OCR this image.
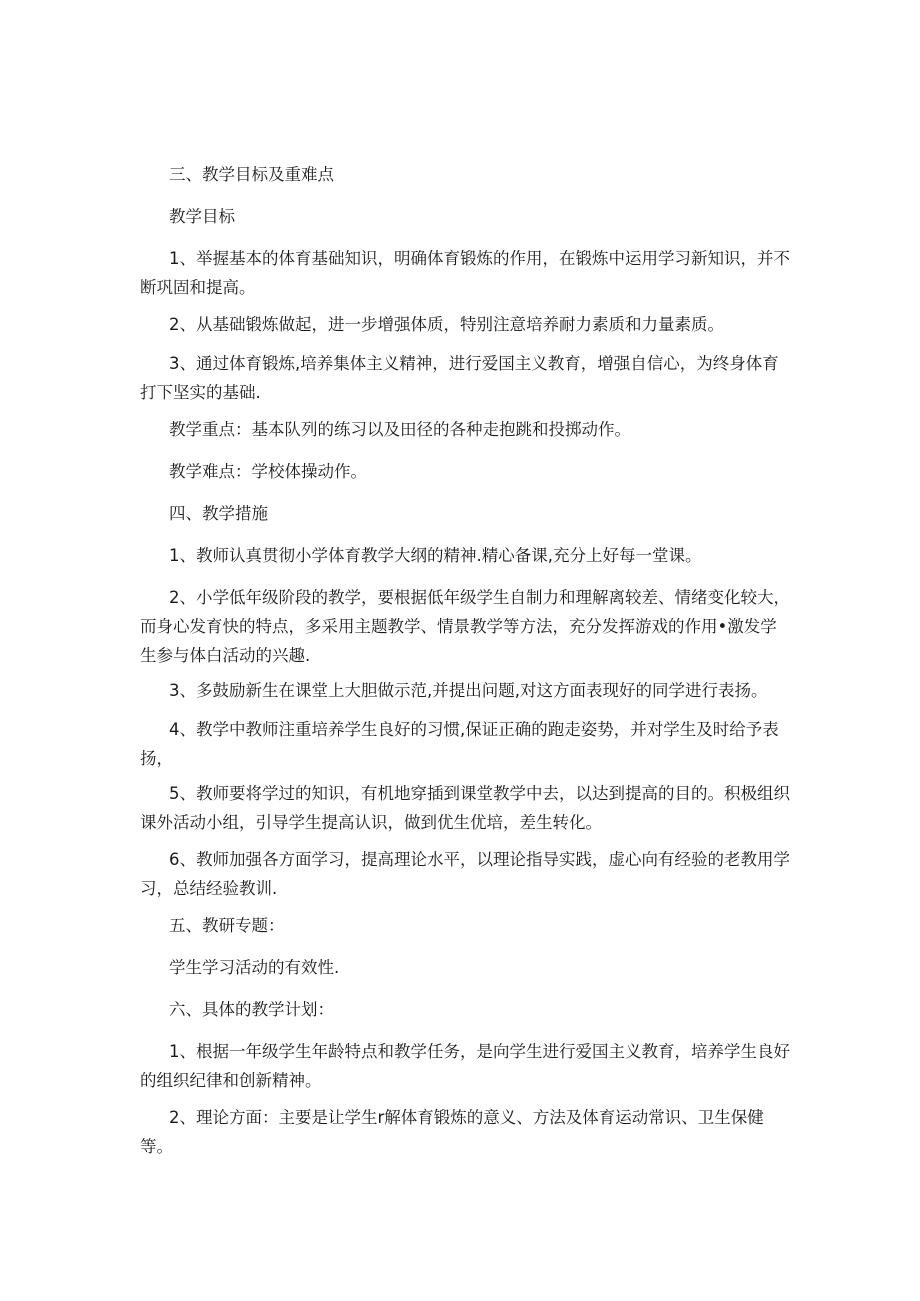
三、教学目标及重难点

教学目标

1、举握基本的体育基础知识，明确体育锻炼的作用，在锻炼中运用学习新知识，并不断巩固和提高。

2、从基础锻炼做起，进一步增强体质，特别注意培养耐力素质和力量素质。

3、通过体育锻炼,培养集体主义精神，进行爱国主义教育，增强自信心，为终身体育打下坚实的基础.

教学重点：基本队列的练习以及田径的各种走抱跳和投掷动作。

教学难点：学校体操动作。

四、教学措施

1、教师认真贯彻小学体育教学大纲的精神.精心备课,充分上好每一堂课。

2、小学低年级阶段的教学，要根据低年级学生自制力和理解离较差、情绪变化较大，而身心发育快的特点，多采用主题教学、情景教学等方法，充分发挥游戏的作用•激发学生参与体白活动的兴趣.

3、多鼓励新生在课堂上大胆做示范,并提出问题,对这方面表现好的同学进行表扬。

4、教学中教师注重培养学生良好的习惯,保证正确的跑走姿势，并对学生及时给予表扬，

5、教师要将学过的知识，有机地穿插到课堂教学中去，以达到提高的目的。积极组织课外活动小组，引导学生提高认识，做到优生优培，差生转化。

6、教师加强各方面学习，提高理论水平，以理论指导实践，虚心向有经验的老教用学习，总结经验教训.

五、教研专题：

学生学习活动的有效性.

六、具体的教学计划：

1、根据一年级学生年龄特点和教学任务，是向学生进行爱国主义教育，培养学生良好的组织纪律和创新精神。

2、理论方面：主要是让学生r解体育锻炼的意义、方法及体育运动常识、卫生保健等。
